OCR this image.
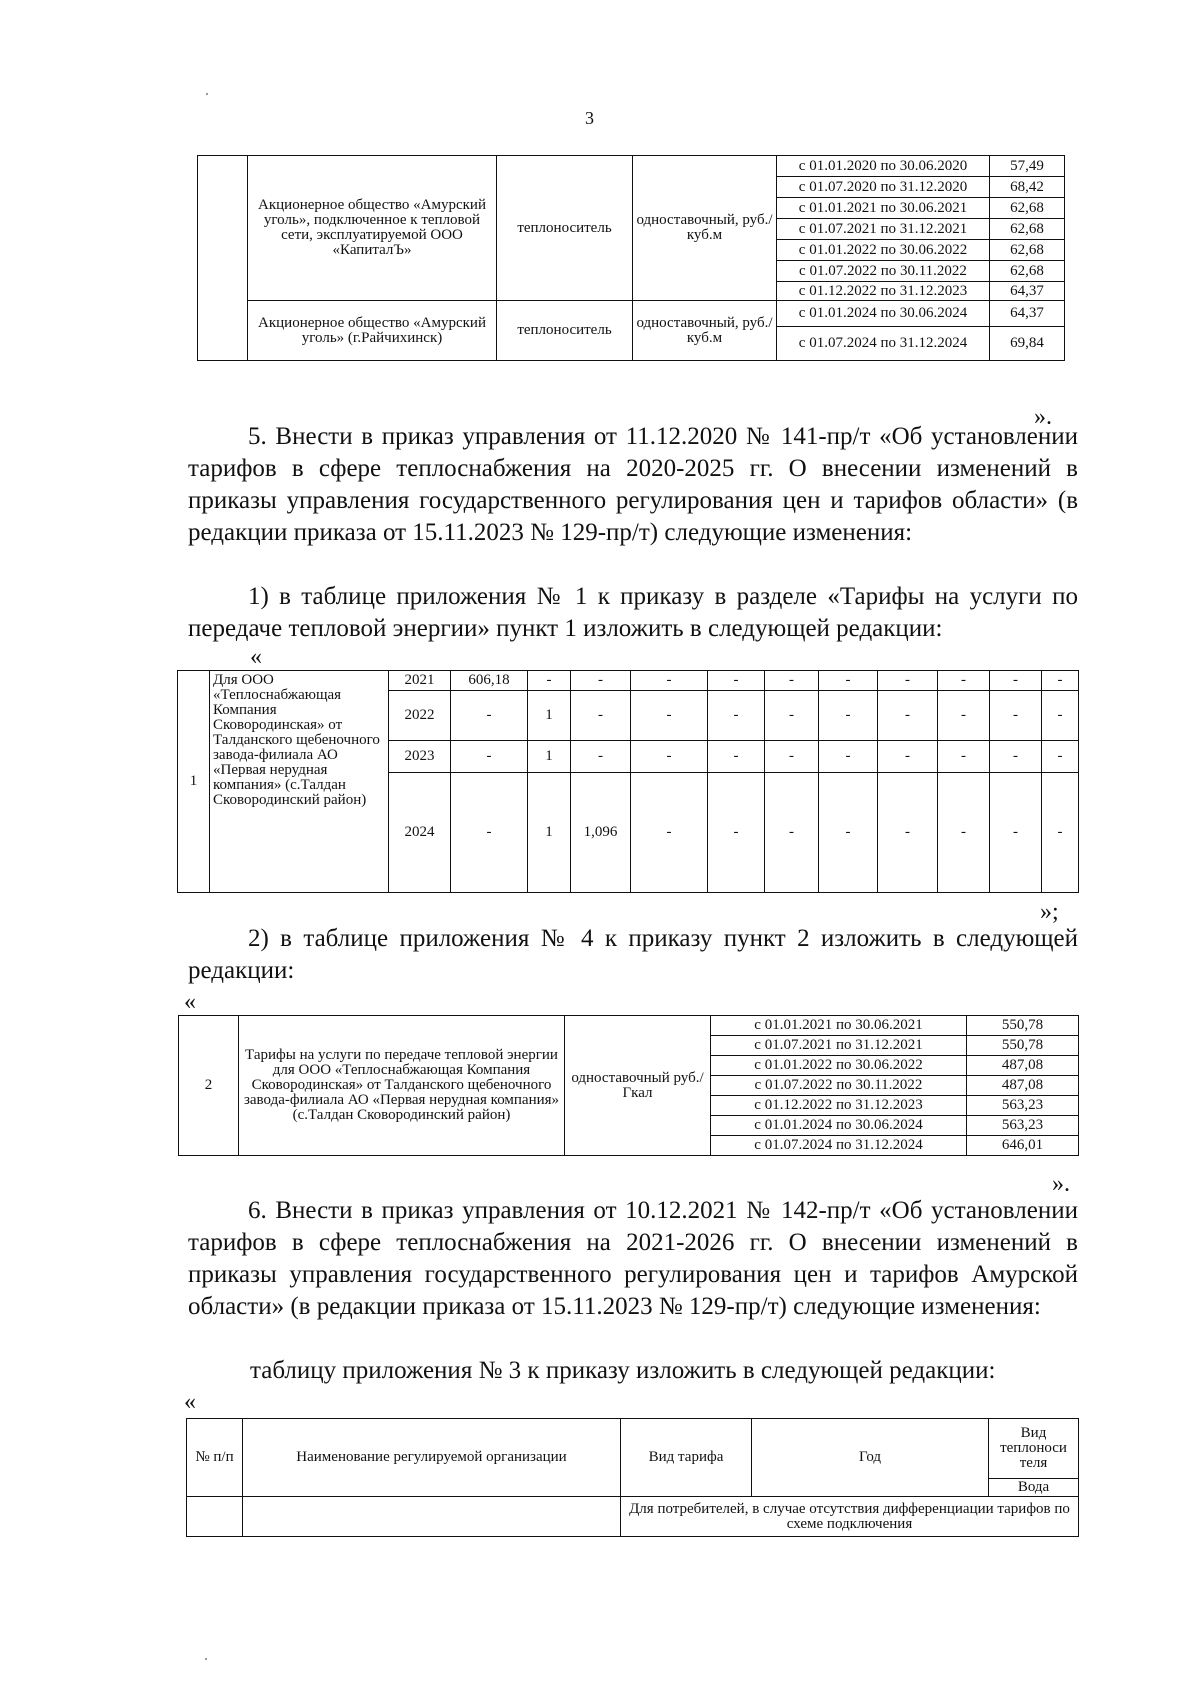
3
	Акционерное общество «Амурский уголь», подключенное к тепловой сети, эксплуатируемой ООО «КапиталЪ»	теплоноситель	одноставочный, руб./куб.м	с 01.01.2020 по 30.06.2020	57,49
				с 01.07.2020 по 31.12.2020	68,42
				с 01.01.2021 по 30.06.2021	62,68
				с 01.07.2021 по 31.12.2021	62,68
				с 01.01.2022 по 30.06.2022	62,68
				с 01.07.2022 по 30.11.2022	62,68
				с 01.12.2022 по 31.12.2023	64,37
	Акционерное общество «Амурский уголь» (г.Райчихинск)	теплоноситель	одноставочный, руб./куб.м	с 01.01.2024 по 30.06.2024	64,37
				с 01.07.2024 по 31.12.2024	69,84
».
5. Внести в приказ управления от 11.12.2020 № 141-пр/т «Об установлении тарифов в сфере теплоснабжения на 2020-2025 гг. О внесении изменений в приказы управления государственного регулирования цен и тарифов области» (в редакции приказа от 15.11.2023 № 129-пр/т) следующие изменения:
1) в таблице приложения № 1 к приказу в разделе «Тарифы на услуги по передаче тепловой энергии» пункт 1 изложить в следующей редакции:
«
1	Для ООО «Теплоснабжающая Компания Сковородинская» от Талданского щебеночного завода-филиала АО «Первая нерудная компания» (с.Талдан Сковородинский район)	2021	606,18	-	-	-	-	-	-	-	-	-	-
		2022	-	1	-	-	-	-	-	-	-	-	-
		2023	-	1	-	-	-	-	-	-	-	-	-
		2024	-	1	1,096	-	-	-	-	-	-	-	-
»;
2) в таблице приложения № 4 к приказу пункт 2 изложить в следующей редакции:
«
2	Тарифы на услуги по передаче тепловой энергии для ООО «Теплоснабжающая Компания Сковородинская» от Талданского щебеночного завода-филиала АО «Первая нерудная компания» (с.Талдан Сковородинский район)	одноставочный руб./Гкал	с 01.01.2021 по 30.06.2021	550,78
			с 01.07.2021 по 31.12.2021	550,78
			с 01.01.2022 по 30.06.2022	487,08
			с 01.07.2022 по 30.11.2022	487,08
			с 01.12.2022 по 31.12.2023	563,23
			с 01.01.2024 по 30.06.2024	563,23
			с 01.07.2024 по 31.12.2024	646,01
».
6. Внести в приказ управления от 10.12.2021 № 142-пр/т «Об установлении тарифов в сфере теплоснабжения на 2021-2026 гг. О внесении изменений в приказы управления государственного регулирования цен и тарифов Амурской области» (в редакции приказа от 15.11.2023 № 129-пр/т) следующие изменения:
таблицу приложения № 3 к приказу изложить в следующей редакции:
«
№ п/п	Наименование регулируемой организации	Вид тарифа	Год	Вид теплоноси теля
				Вода
		Для потребителей, в случае отсутствия дифференциации тарифов по схеме подключения		
